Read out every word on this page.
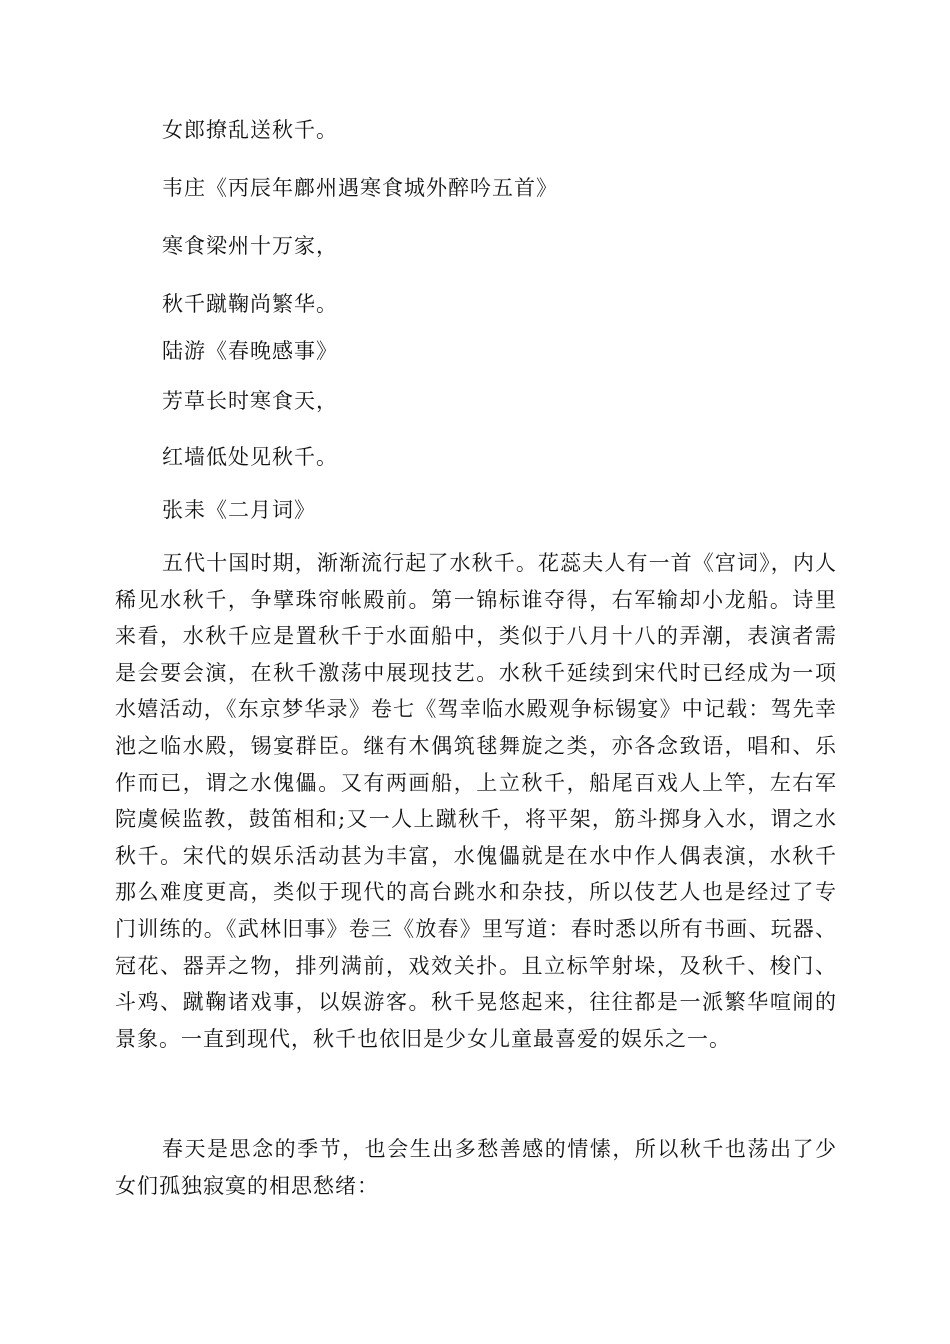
女郎撩乱送秋千。
韦庄《丙辰年鄜州遇寒食城外醉吟五首》
寒食梁州十万家，
秋千蹴鞠尚繁华。
陆游《春晚感事》
芳草长时寒食天，
红墙低处见秋千。
张耒《二月词》
五代十国时期，渐渐流行起了水秋千。花蕊夫人有一首《宫词》，内人稀见水秋千，争擘珠帘帐殿前。第一锦标谁夺得，右军输却小龙船。诗里来看，水秋千应是置秋千于水面船中，类似于八月十八的弄潮，表演者需是会要会演，在秋千激荡中展现技艺。水秋千延续到宋代时已经成为一项水嬉活动，《东京梦华录》卷七《驾幸临水殿观争标锡宴》中记载：驾先幸池之临水殿，锡宴群臣。继有木偶筑毬舞旋之类，亦各念致语，唱和、乐作而已，谓之水傀儡。又有两画船，上立秋千，船尾百戏人上竿，左右军院虞候监教，鼓笛相和;又一人上蹴秋千，将平架，筋斗掷身入水，谓之水秋千。宋代的娱乐活动甚为丰富，水傀儡就是在水中作人偶表演，水秋千那么难度更高，类似于现代的高台跳水和杂技，所以伎艺人也是经过了专门训练的。《武林旧事》卷三《放春》里写道：春时悉以所有书画、玩器、冠花、器弄之物，排列满前，戏效关扑。且立标竿射垛，及秋千、梭门、斗鸡、蹴鞠诸戏事，以娱游客。秋千晃悠起来，往往都是一派繁华喧闹的景象。一直到现代，秋千也依旧是少女儿童最喜爱的娱乐之一。
春天是思念的季节，也会生出多愁善感的情愫，所以秋千也荡出了少女们孤独寂寞的相思愁绪：
